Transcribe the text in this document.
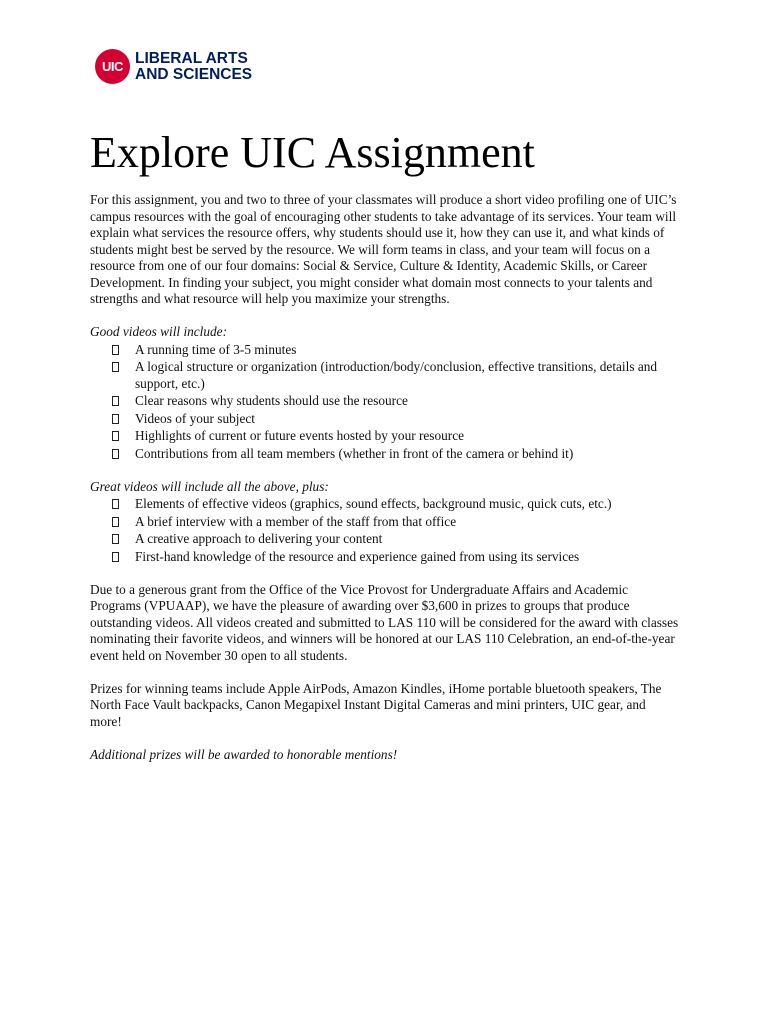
UIC LIBERAL ARTS
AND SCIENCES
Explore UIC Assignment

For this assignment, you and two to three of your classmates will produce a short video profiling one of UIC’s campus resources with the goal of encouraging other students to take advantage of its services. Your team will explain what services the resource offers, why students should use it, how they can use it, and what kinds of students might best be served by the resource. We will form teams in class, and your team will focus on a resource from one of our four domains: Social & Service, Culture & Identity, Academic Skills, or Career Development. In finding your subject, you might consider what domain most connects to your talents and strengths and what resource will help you maximize your strengths.

Good videos will include:

A running time of 3-5 minutes
A logical structure or organization (introduction/body/conclusion, effective transitions, details and support, etc.)
Clear reasons why students should use the resource
Videos of your subject
Highlights of current or future events hosted by your resource
Contributions from all team members (whether in front of the camera or behind it)

Great videos will include all the above, plus:

Elements of effective videos (graphics, sound effects, background music, quick cuts, etc.)
A brief interview with a member of the staff from that office
A creative approach to delivering your content
First-hand knowledge of the resource and experience gained from using its services

Due to a generous grant from the Office of the Vice Provost for Undergraduate Affairs and Academic Programs (VPUAAP), we have the pleasure of awarding over $3,600 in prizes to groups that produce outstanding videos. All videos created and submitted to LAS 110 will be considered for the award with classes nominating their favorite videos, and winners will be honored at our LAS 110 Celebration, an end-of-the-year event held on November 30 open to all students.

Prizes for winning teams include Apple AirPods, Amazon Kindles, iHome portable bluetooth speakers, The North Face Vault backpacks, Canon Megapixel Instant Digital Cameras and mini printers, UIC gear, and more!

Additional prizes will be awarded to honorable mentions!
